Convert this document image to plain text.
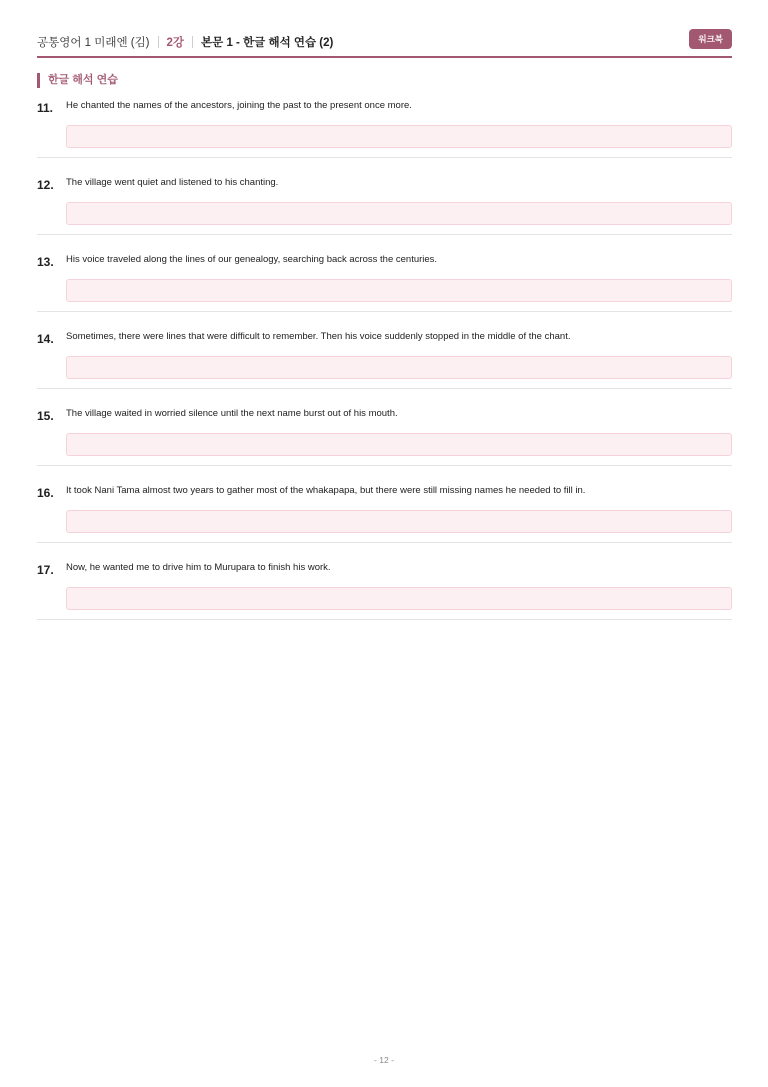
공통영어 1 미래엔 (김) 2강 본문 1 - 한글 해석 연습 (2)	워크북
한글 해석 연습
11. He chanted the names of the ancestors, joining the past to the present once more.
12. The village went quiet and listened to his chanting.
13. His voice traveled along the lines of our genealogy, searching back across the centuries.
14. Sometimes, there were lines that were difficult to remember. Then his voice suddenly stopped in the middle of the chant.
15. The village waited in worried silence until the next name burst out of his mouth.
16. It took Nani Tama almost two years to gather most of the whakapapa, but there were still missing names he needed to fill in.
17. Now, he wanted me to drive him to Murupara to finish his work.
- 12 -
